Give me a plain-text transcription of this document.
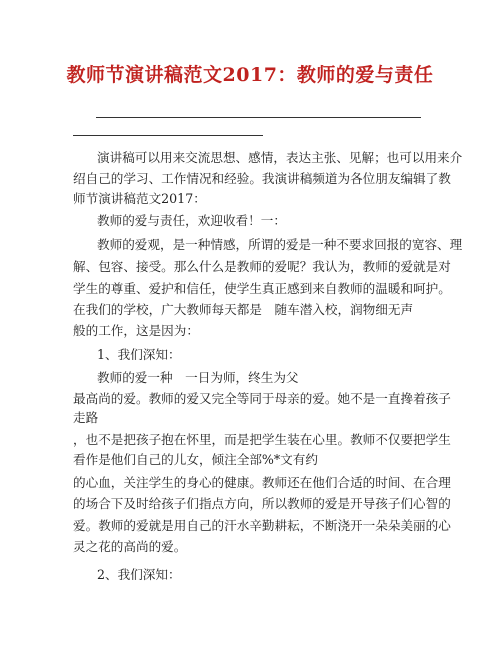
教师节演讲稿范文2017：教师的爱与责任
演讲稿可以用来交流思想、感情，表达主张、见解；也可以用来介
绍自己的学习、工作情况和经验。我演讲稿频道为各位朋友编辑了教
师节演讲稿范文2017：
教师的爱与责任，欢迎收看！一：
教师的爱观，是一种情感，所谓的爱是一种不要求回报的宽容、理
解、包容、接受。那么什么是教师的爱呢？我认为，教师的爱就是对
学生的尊重、爱护和信任，使学生真正感到来自教师的温暖和呵护。
在我们的学校，广大教师每天都是　随车潜入校，润物细无声
般的工作，这是因为：
1、我们深知：
教师的爱一种　一日为师，终生为父
最高尚的爱。教师的爱又完全等同于母亲的爱。她不是一直搀着孩子
走路
，也不是把孩子抱在怀里，而是把学生装在心里。教师不仅要把学生
看作是他们自己的儿女，倾注全部%*文有约
的心血，关注学生的身心的健康。教师还在他们合适的时间、在合理
的场合下及时给孩子们指点方向，所以教师的爱是开导孩子们心智的
爱。教师的爱就是用自己的汗水辛勤耕耘，不断浇开一朵朵美丽的心
灵之花的高尚的爱。
2、我们深知：
